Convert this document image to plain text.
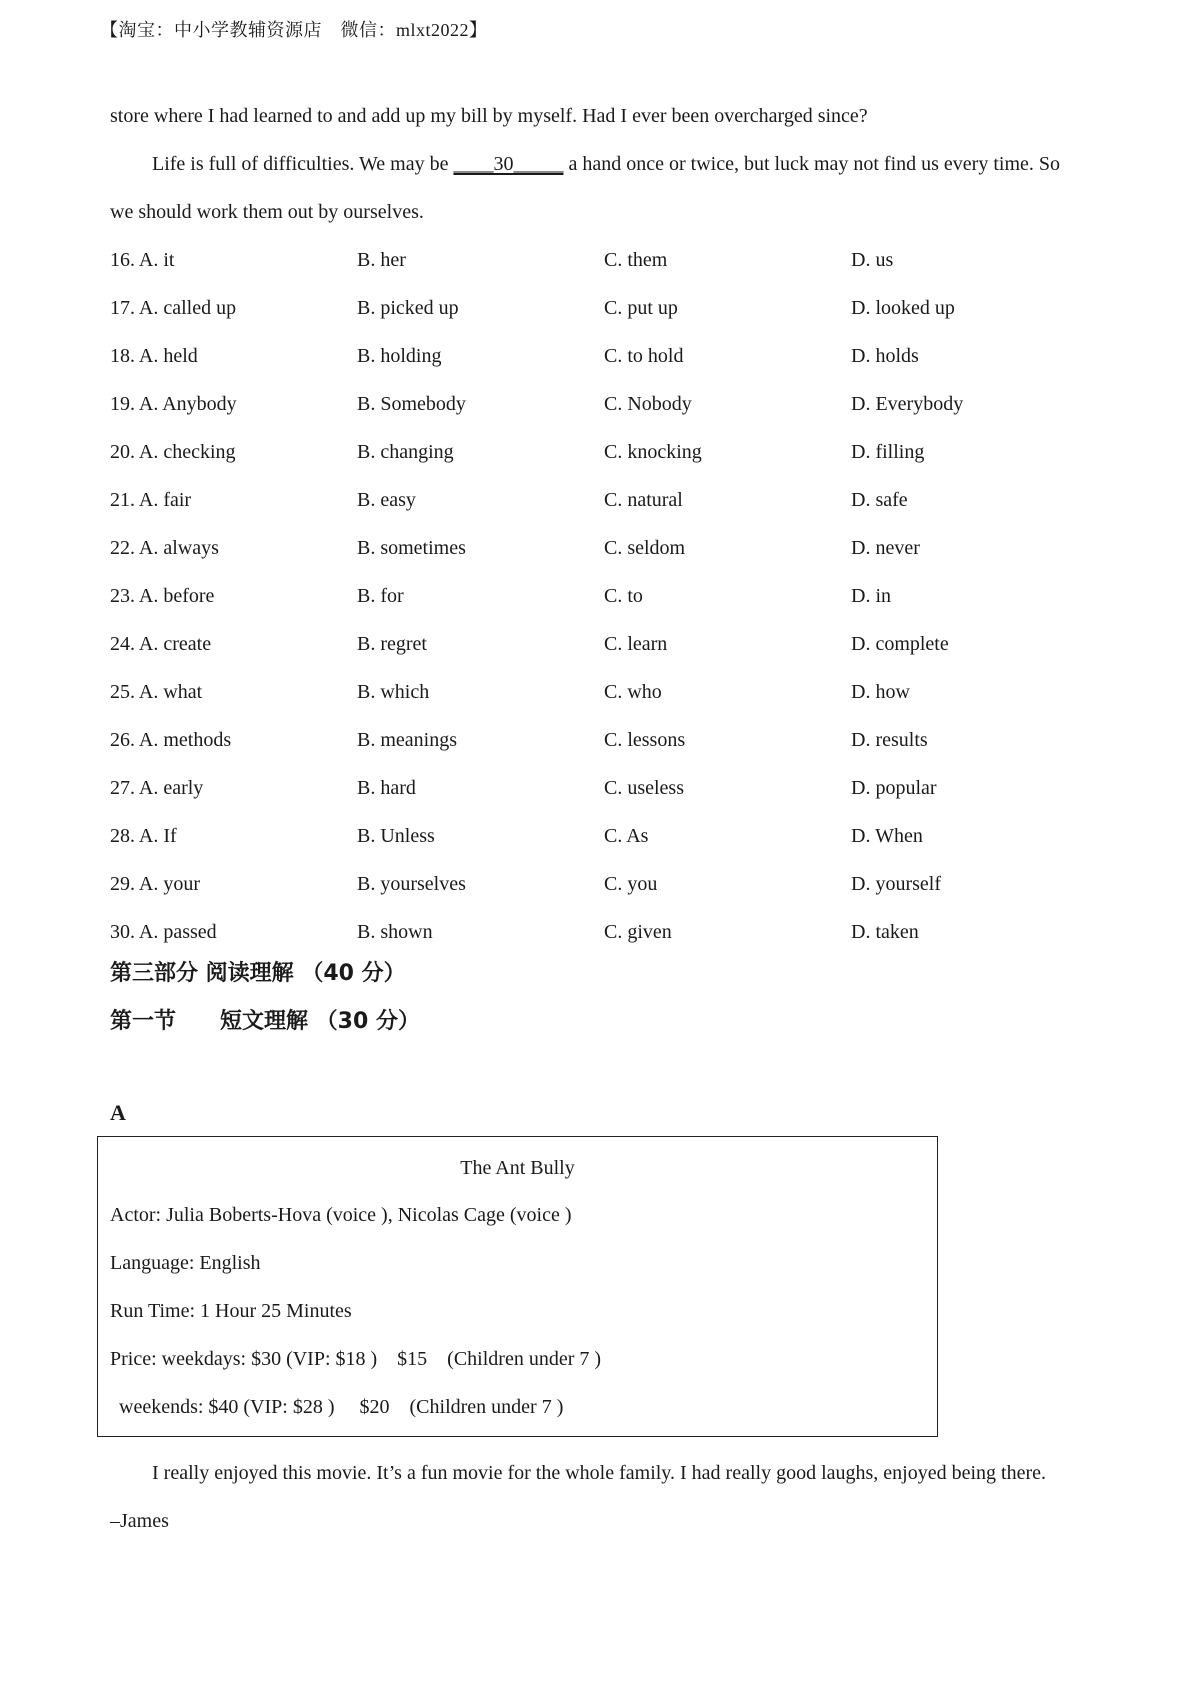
【淘宝：中小学教辅资源店　微信：mlxt2022】
store where I had learned to and add up my bill by myself. Had I ever been overcharged since?
Life is full of difficulties. We may be ____30_____ a hand once or twice, but luck may not find us every time. So
we should work them out by ourselves.
16. A. it	B. her	C. them	D. us
17. A. called up	B. picked up	C. put up	D. looked up
18. A. held	B. holding	C. to hold	D. holds
19. A. Anybody	B. Somebody	C. Nobody	D. Everybody
20. A. checking	B. changing	C. knocking	D. filling
21. A. fair	B. easy	C. natural	D. safe
22. A. always	B. sometimes	C. seldom	D. never
23. A. before	B. for	C. to	D. in
24. A. create	B. regret	C. learn	D. complete
25. A. what	B. which	C. who	D. how
26. A. methods	B. meanings	C. lessons	D. results
27. A. early	B. hard	C. useless	D. popular
28. A. If	B. Unless	C. As	D. When
29. A. your	B. yourselves	C. you	D. yourself
30. A. passed	B. shown	C. given	D. taken
第三部分 阅读理解 （40 分）
第一节 短文理解 （30 分）
A
The Ant Bully
Actor: Julia Boberts-Hova (voice ), Nicolas Cage (voice )
Language: English
Run Time: 1 Hour 25 Minutes
Price: weekdays: $30 (VIP: $18 )    $15    (Children under 7 )
weekends: $40 (VIP: $28 )     $20    (Children under 7 )
I really enjoyed this movie. It’s a fun movie for the whole family. I had really good laughs, enjoyed being there.
–James
